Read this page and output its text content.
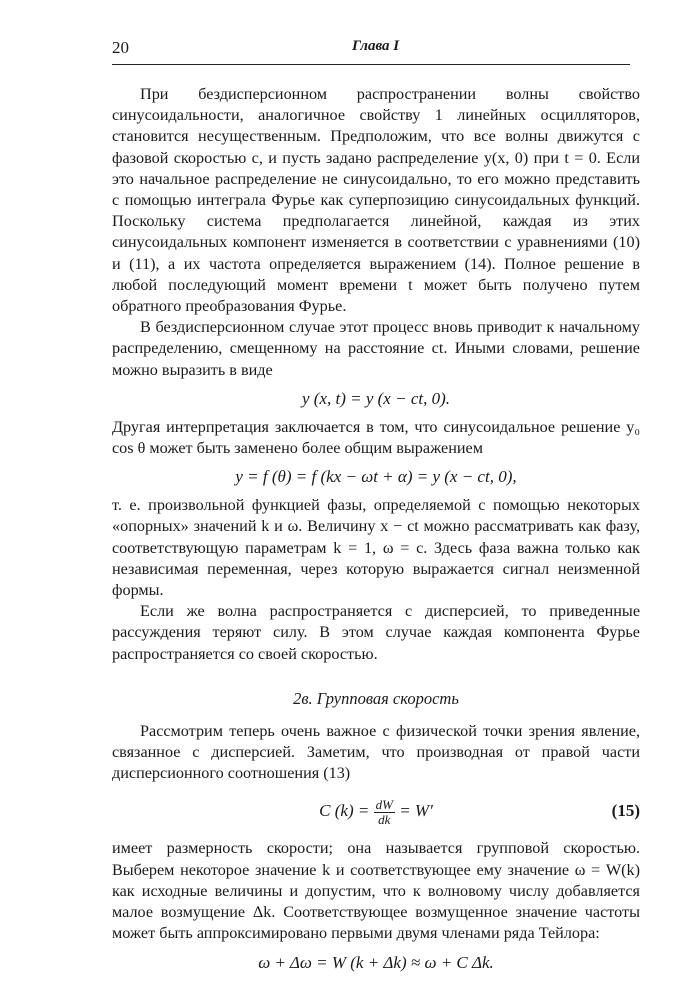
20	Глава I

При бездисперсионном распространении волны свойство синусоидальности, аналогичное свойству 1 линейных осцилляторов, становится несущественным. Предположим, что все волны движутся с фазовой скоростью c, и пусть задано распределение y(x, 0) при t = 0. Если это начальное распределение не синусоидально, то его можно представить с помощью интеграла Фурье как суперпозицию синусоидальных функций. Поскольку система предполагается линейной, каждая из этих синусоидальных компонент изменяется в соответствии с уравнениями (10) и (11), а их частота определяется выражением (14). Полное решение в любой последующий момент времени t может быть получено путем обратного преобразования Фурье.

В бездисперсионном случае этот процесс вновь приводит к начальному распределению, смещенному на расстояние ct. Иными словами, решение можно выразить в виде

y (x, t) = y (x − ct, 0).

Другая интерпретация заключается в том, что синусоидальное решение y₀ cos θ может быть заменено более общим выражением

y = f (θ) = f (kx − ωt + α) = y (x − ct, 0),

т. е. произвольной функцией фазы, определяемой с помощью некоторых «опорных» значений k и ω. Величину x − ct можно рассматривать как фазу, соответствующую параметрам k = 1, ω = c. Здесь фаза важна только как независимая переменная, через которую выражается сигнал неизменной формы.

Если же волна распространяется с дисперсией, то приведенные рассуждения теряют силу. В этом случае каждая компонента Фурье распространяется со своей скоростью.

2в. Групповая скорость

Рассмотрим теперь очень важное с физической точки зрения явление, связанное с дисперсией. Заметим, что производная от правой части дисперсионного соотношения (13)

C $(k) = \frac{dW}{dk} = W'$	(15)

имеет размерность скорости; она называется групповой скоростью. Выберем некоторое значение k и соответствующее ему значение ω = W(k) как исходные величины и допустим, что к волновому числу добавляется малое возмущение Δk. Соответствующее возмущенное значение частоты может быть аппроксимировано первыми двумя членами ряда Тейлора:

ω + Δω = W (k + Δk) ≈ ω + C Δk.
